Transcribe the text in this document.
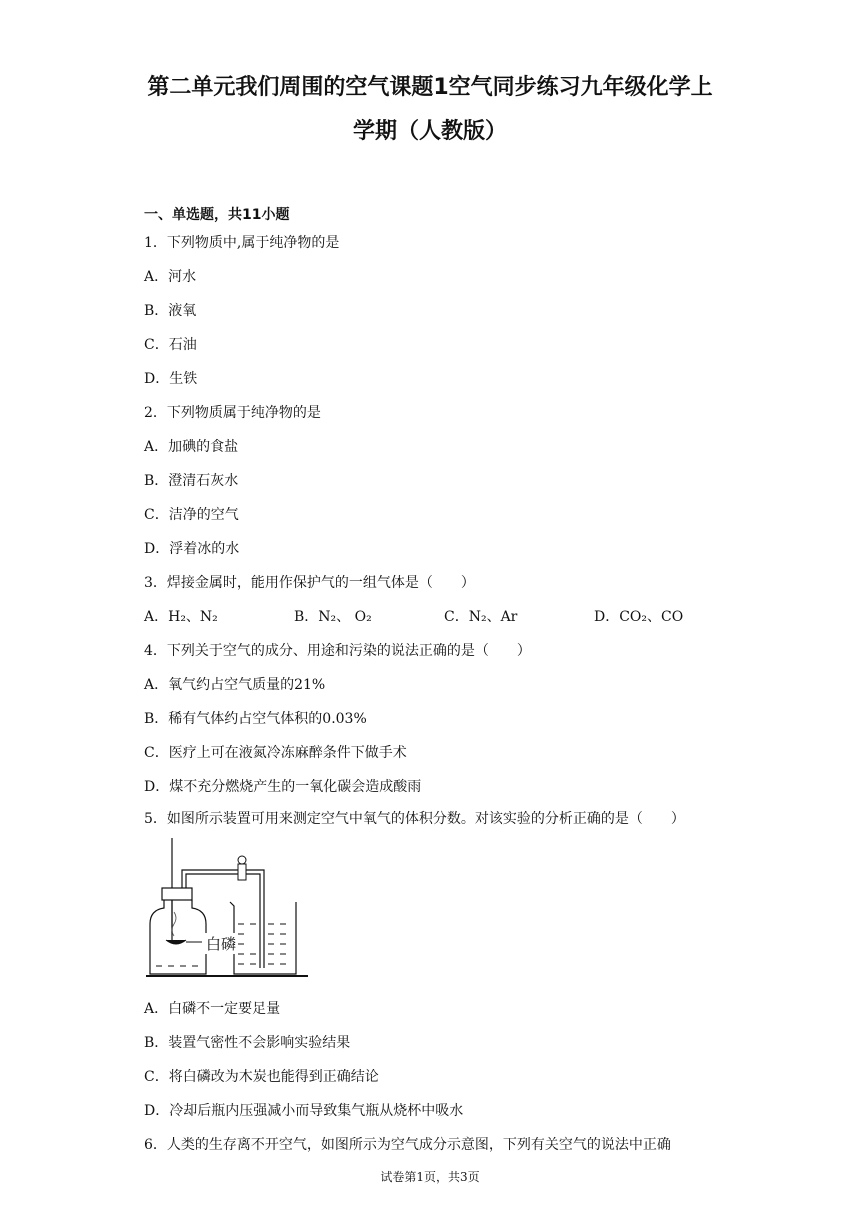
第二单元我们周围的空气课题1空气同步练习九年级化学上
学期（人教版）
一、单选题，共11小题
1．下列物质中,属于纯净物的是
A．河水
B．液氧
C．石油
D．生铁
2．下列物质属于纯净物的是
A．加碘的食盐
B．澄清石灰水
C．洁净的空气
D．浮着冰的水
3．焊接金属时，能用作保护气的一组气体是（　　）
A．H₂、N₂	B．N₂、 O₂	C．N₂、Ar	D．CO₂、CO
4．下列关于空气的成分、用途和污染的说法正确的是（　　）
A．氧气约占空气质量的21%
B．稀有气体约占空气体积的0.03%
C．医疗上可在液氮冷冻麻醉条件下做手术
D．煤不充分燃烧产生的一氧化碳会造成酸雨
5．如图所示装置可用来测定空气中氧气的体积分数。对该实验的分析正确的是（　　）
白磷
A．白磷不一定要足量
B．装置气密性不会影响实验结果
C．将白磷改为木炭也能得到正确结论
D．冷却后瓶内压强减小而导致集气瓶从烧杯中吸水
6．人类的生存离不开空气，如图所示为空气成分示意图，下列有关空气的说法中正确
试卷第1页，共3页
